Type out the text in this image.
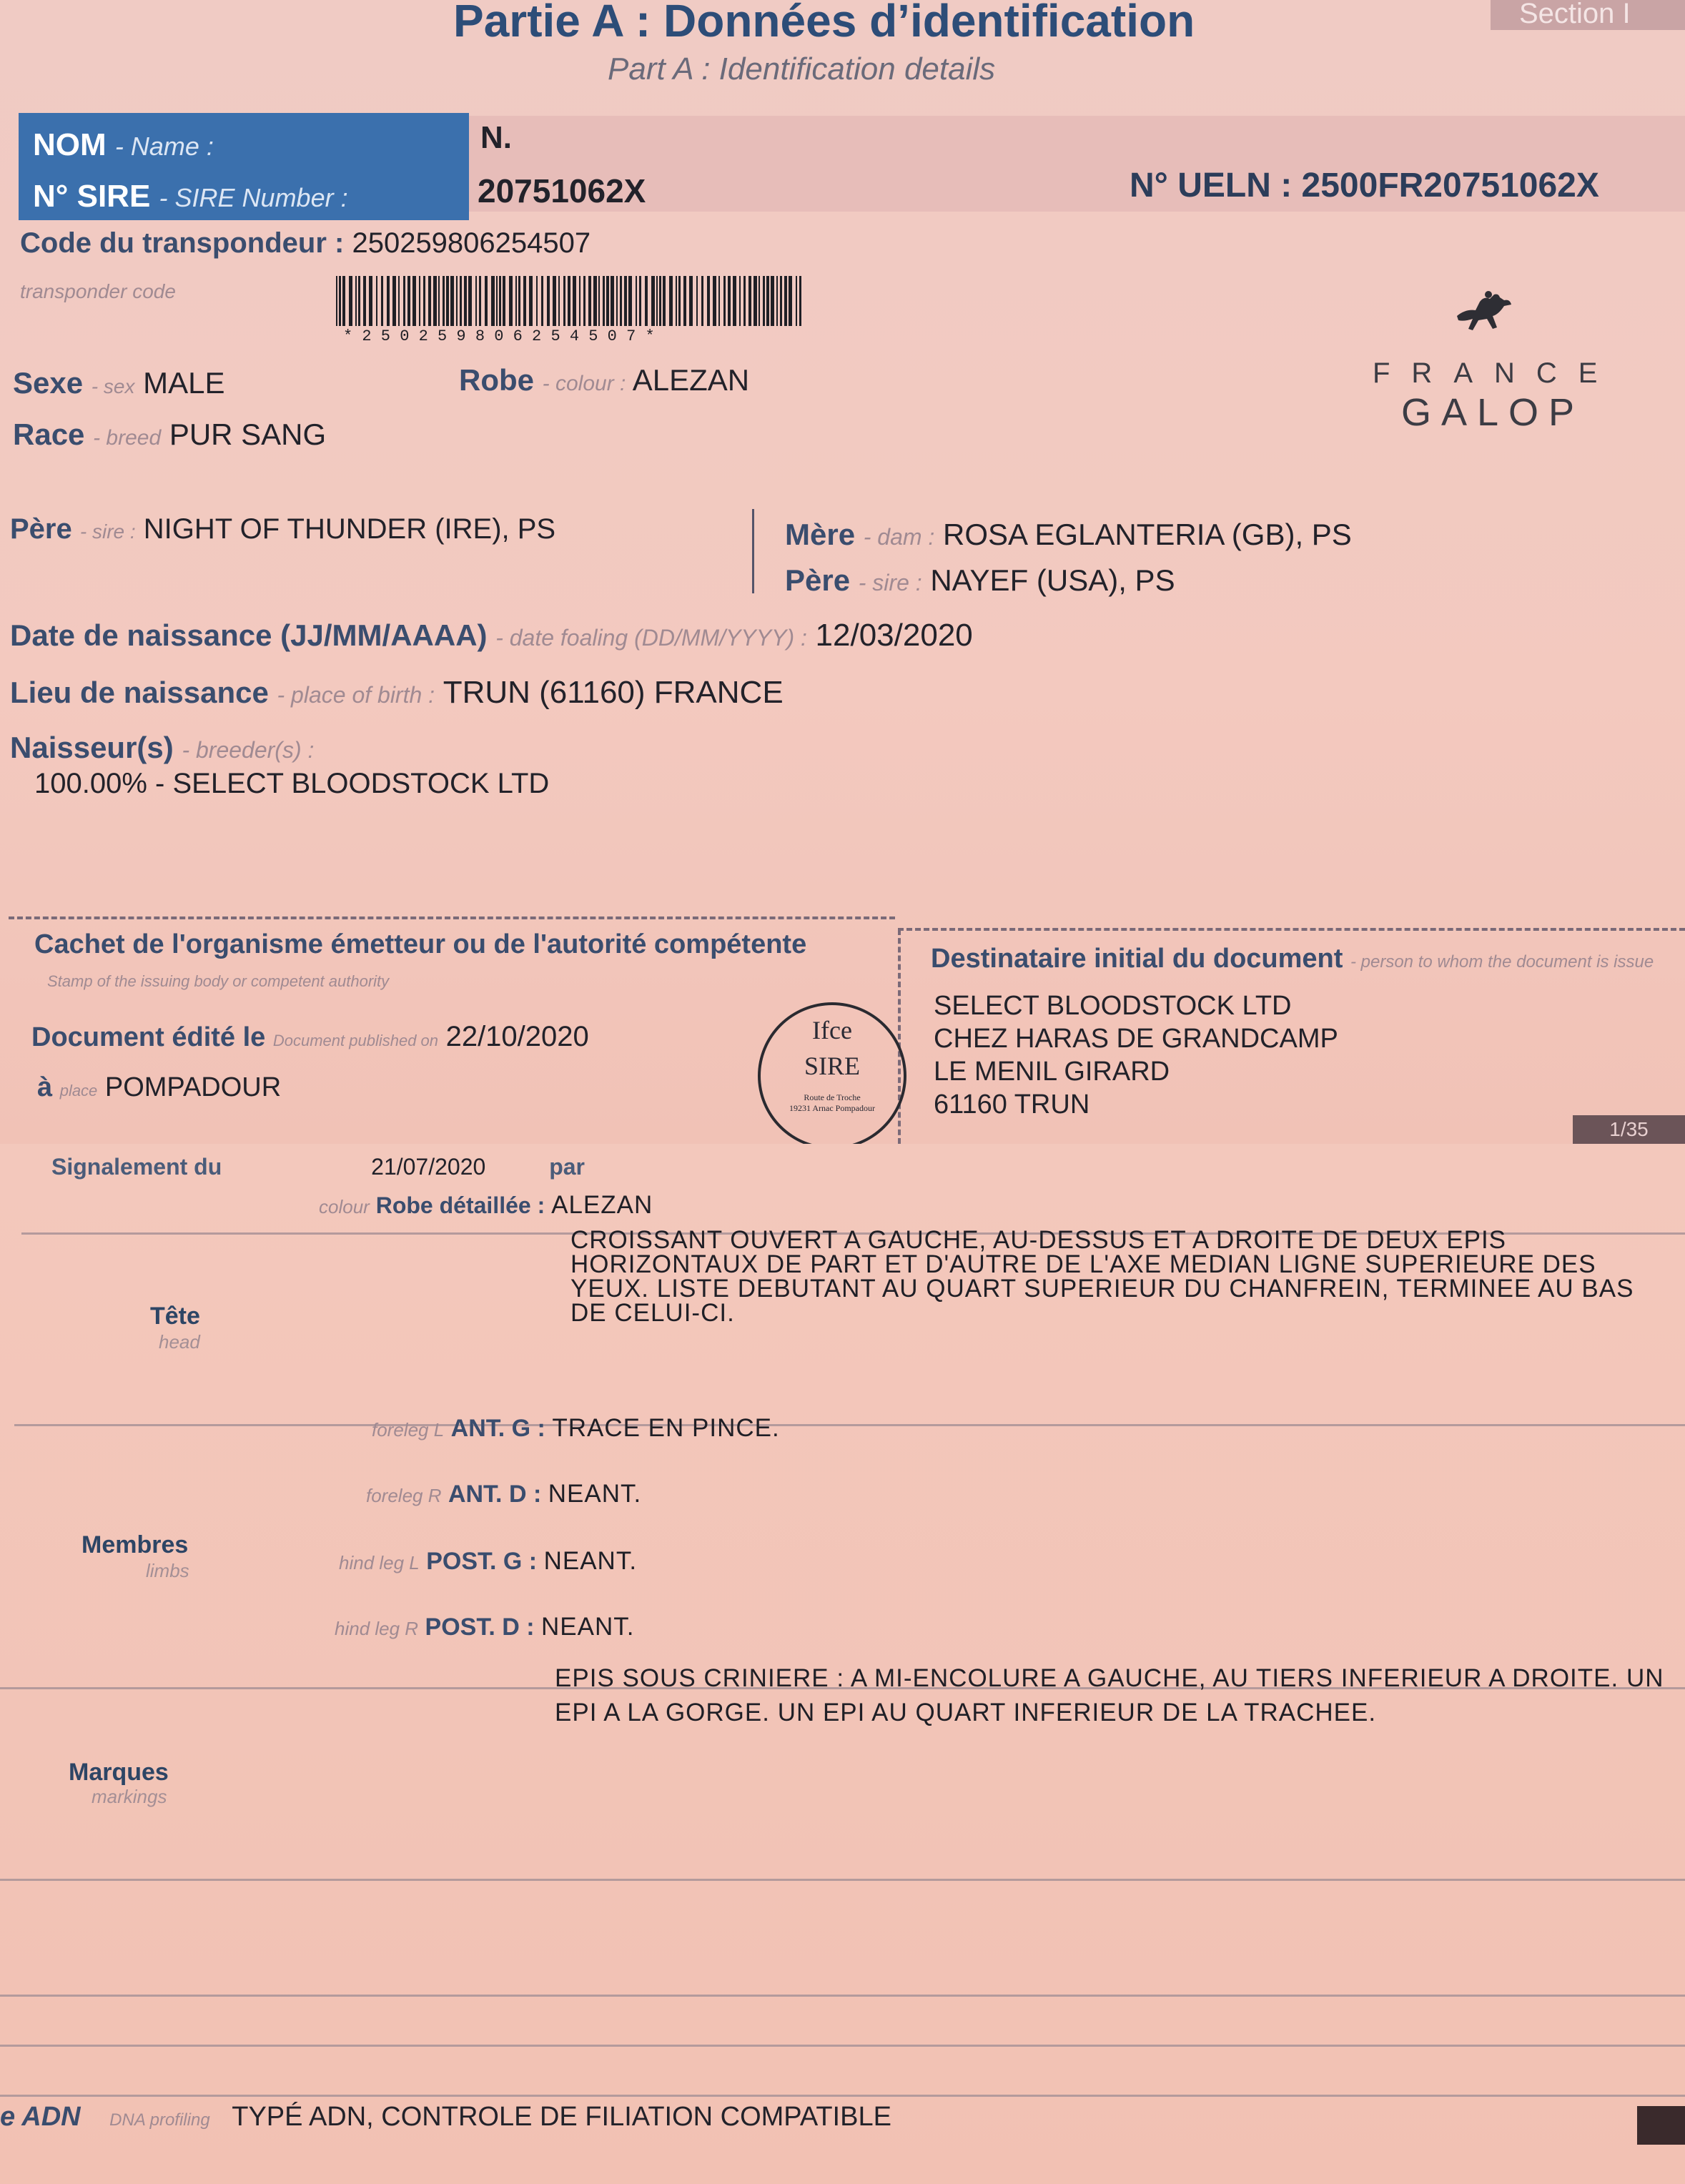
Partie A : Données d’identification
Part A : Identification details
Section I
NOM - Name :
N° SIRE - SIRE Number :
N.
20751062X	N° UELN : 2500FR20751062X
Code du transpondeur : 250259806254507
transponder code
* 2 5 0 2 5 9 8 0 6 2 5 4 5 0 7 *
FRANCE
GALOP
Sexe - sex MALE	Robe - colour : ALEZAN
Race - breed PUR SANG
Père - sire : NIGHT OF THUNDER (IRE), PS	Mère - dam : ROSA EGLANTERIA (GB), PS
Père - sire : NAYEF (USA), PS
Date de naissance (JJ/MM/AAAA) - date foaling (DD/MM/YYYY) : 12/03/2020
Lieu de naissance - place of birth : TRUN (61160) FRANCE
Naisseur(s) - breeder(s) :
100.00% - SELECT BLOODSTOCK LTD
Cachet de l'organisme émetteur ou de l'autorité compétente
Stamp of the issuing body or competent authority
Document édité le Document published on 22/10/2020
à place POMPADOUR
Ifce
SIRE
Route de Troche
19231 Arnac Pompadour
Destinataire initial du document - person to whom the document is issue
SELECT BLOODSTOCK LTD
CHEZ HARAS DE GRANDCAMP
LE MENIL GIRARD
61160 TRUN
1/35
Signalement du	21/07/2020	par
colour Robe détaillée : ALEZAN
CROISSANT OUVERT A GAUCHE, AU-DESSUS ET A DROITE DE DEUX EPIS HORIZONTAUX DE PART ET D'AUTRE DE L'AXE MEDIAN LIGNE SUPERIEURE DES YEUX. LISTE DEBUTANT AU QUART SUPERIEUR DU CHANFREIN, TERMINEE AU BAS DE CELUI-CI.
Tête
head
Membres
limbs
foreleg L ANT. G : TRACE EN PINCE.
foreleg R ANT. D : NEANT.
hind leg L POST. G : NEANT.
hind leg R POST. D : NEANT.
EPIS SOUS CRINIERE : A MI-ENCOLURE A GAUCHE, AU TIERS INFERIEUR A DROITE. UN EPI A LA GORGE. UN EPI AU QUART INFERIEUR DE LA TRACHEE.
Marques
markings
e ADN DNA profiling TYPÉ ADN, CONTROLE DE FILIATION COMPATIBLE
